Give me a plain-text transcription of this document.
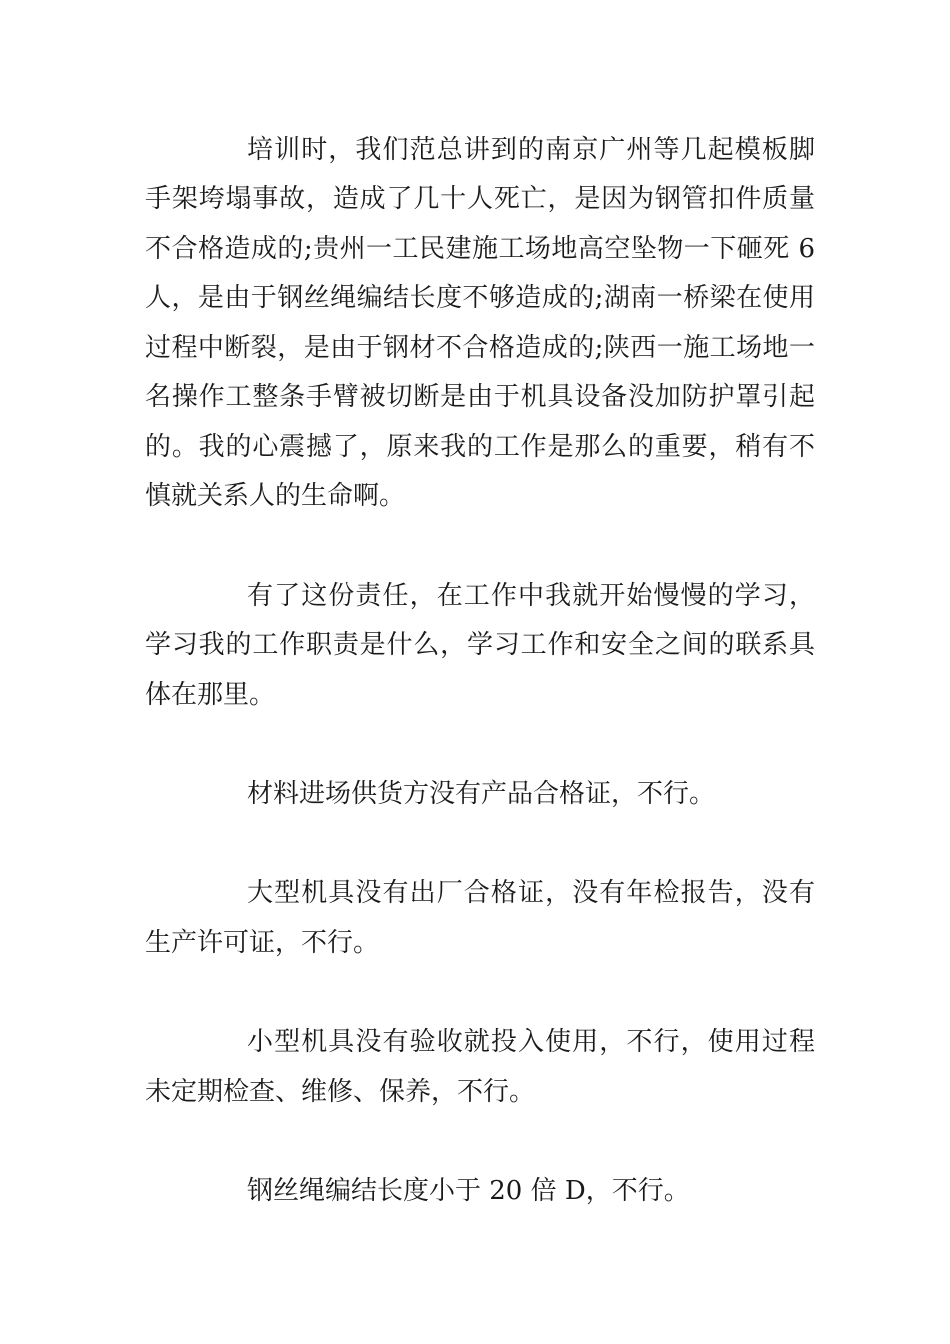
培训时，我们范总讲到的南京广州等几起模板脚
手架垮塌事故，造成了几十人死亡，是因为钢管扣件质量
不合格造成的;贵州一工民建施工场地高空坠物一下砸死 6
人，是由于钢丝绳编结长度不够造成的;湖南一桥梁在使用
过程中断裂，是由于钢材不合格造成的;陕西一施工场地一
名操作工整条手臂被切断是由于机具设备没加防护罩引起
的。我的心震撼了，原来我的工作是那么的重要，稍有不
慎就关系人的生命啊。
有了这份责任，在工作中我就开始慢慢的学习，
学习我的工作职责是什么，学习工作和安全之间的联系具
体在那里。
材料进场供货方没有产品合格证，不行。
大型机具没有出厂合格证，没有年检报告，没有
生产许可证，不行。
小型机具没有验收就投入使用，不行，使用过程
未定期检查、维修、保养，不行。
钢丝绳编结长度小于 20 倍 D，不行。
